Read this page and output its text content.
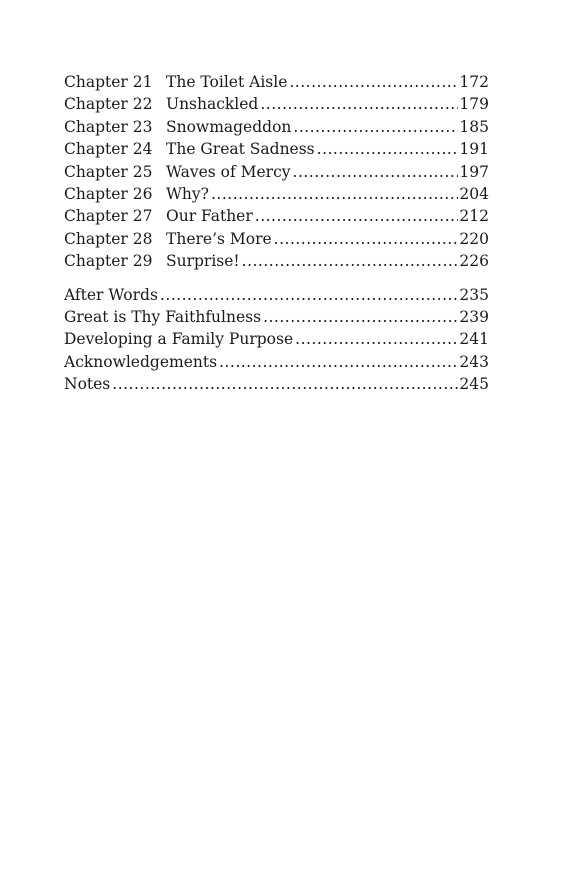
Chapter 21 The Toilet Aisle .....	172
Chapter 22 Unshackled .....	179
Chapter 23 Snowmageddon .....	185
Chapter 24 The Great Sadness .....	191
Chapter 25 Waves of Mercy .....	197
Chapter 26 Why? .....	204
Chapter 27 Our Father .....	212
Chapter 28 There’s More .....	220
Chapter 29 Surprise! .....	226
After Words .....	235
Great is Thy Faithfulness .....	239
Developing a Family Purpose .....	241
Acknowledgements .....	243
Notes .....	245
